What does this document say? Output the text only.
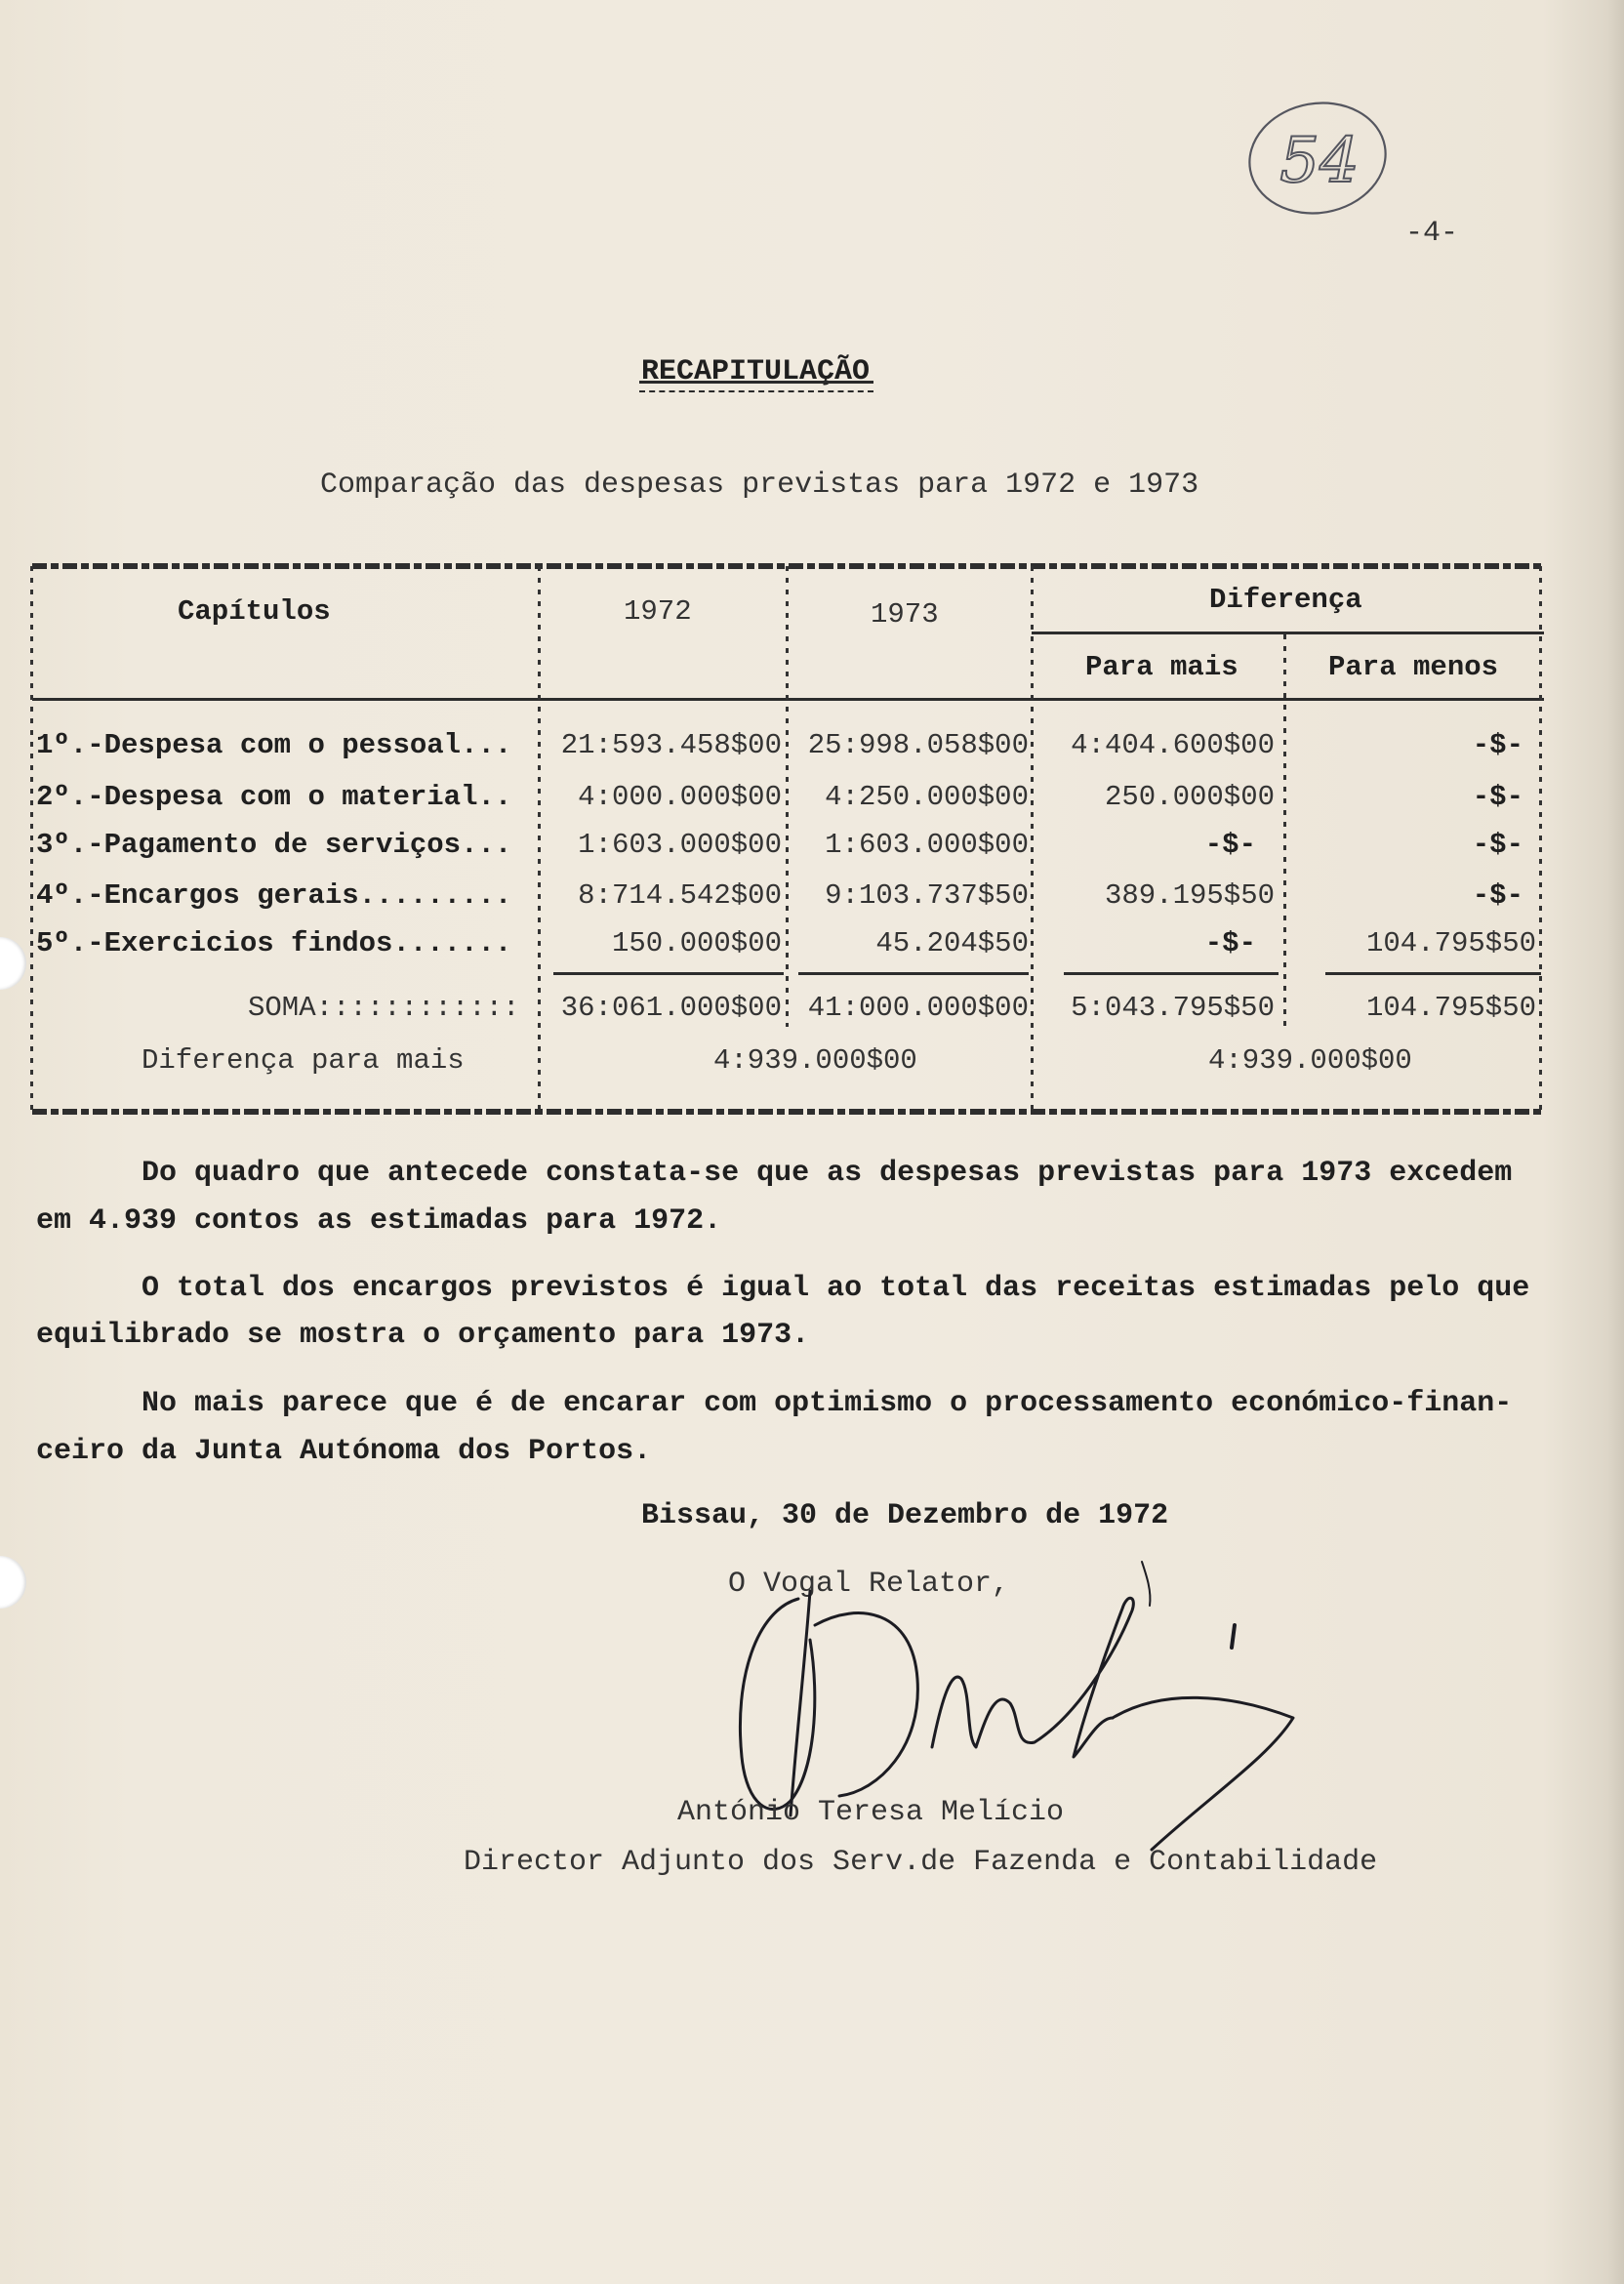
54
-4-
RECAPITULAÇÃO
Comparação das despesas previstas para 1972 e 1973
Capítulos	1972	1973	Diferença
Para mais	Para menos
1º.-Despesa com o pessoal... 21:593.458$00 25:998.058$00 4:404.600$00	-$-
2º.-Despesa com o material.. 4:000.000$00 4:250.000$00	250.000$00	-$-
3º.-Pagamento de serviços... 1:603.000$00 1:603.000$00	-$-	-$-
4º.-Encargos gerais......... 8:714.542$00 9:103.737$50	389.195$50	-$-
5º.-Exercicios findos.......	150.000$00	45.204$50	-$-	104.795$50
SOMA:::::::::::: 36:061.000$00 41:000.000$00 5:043.795$50	104.795$50
Diferença para mais	4:939.000$00	4:939.000$00
Do quadro que antecede constata-se que as despesas previstas para 1973 excedem
em 4.939 contos as estimadas para 1972.
O total dos encargos previstos é igual ao total das receitas estimadas pelo que
equilibrado se mostra o orçamento para 1973.
No mais parece que é de encarar com optimismo o processamento económico-finan-
ceiro da Junta Autónoma dos Portos.
Bissau, 30 de Dezembro de 1972
O Vogal Relator,
António Teresa Melício
Director Adjunto dos Serv.de Fazenda e Contabilidade
